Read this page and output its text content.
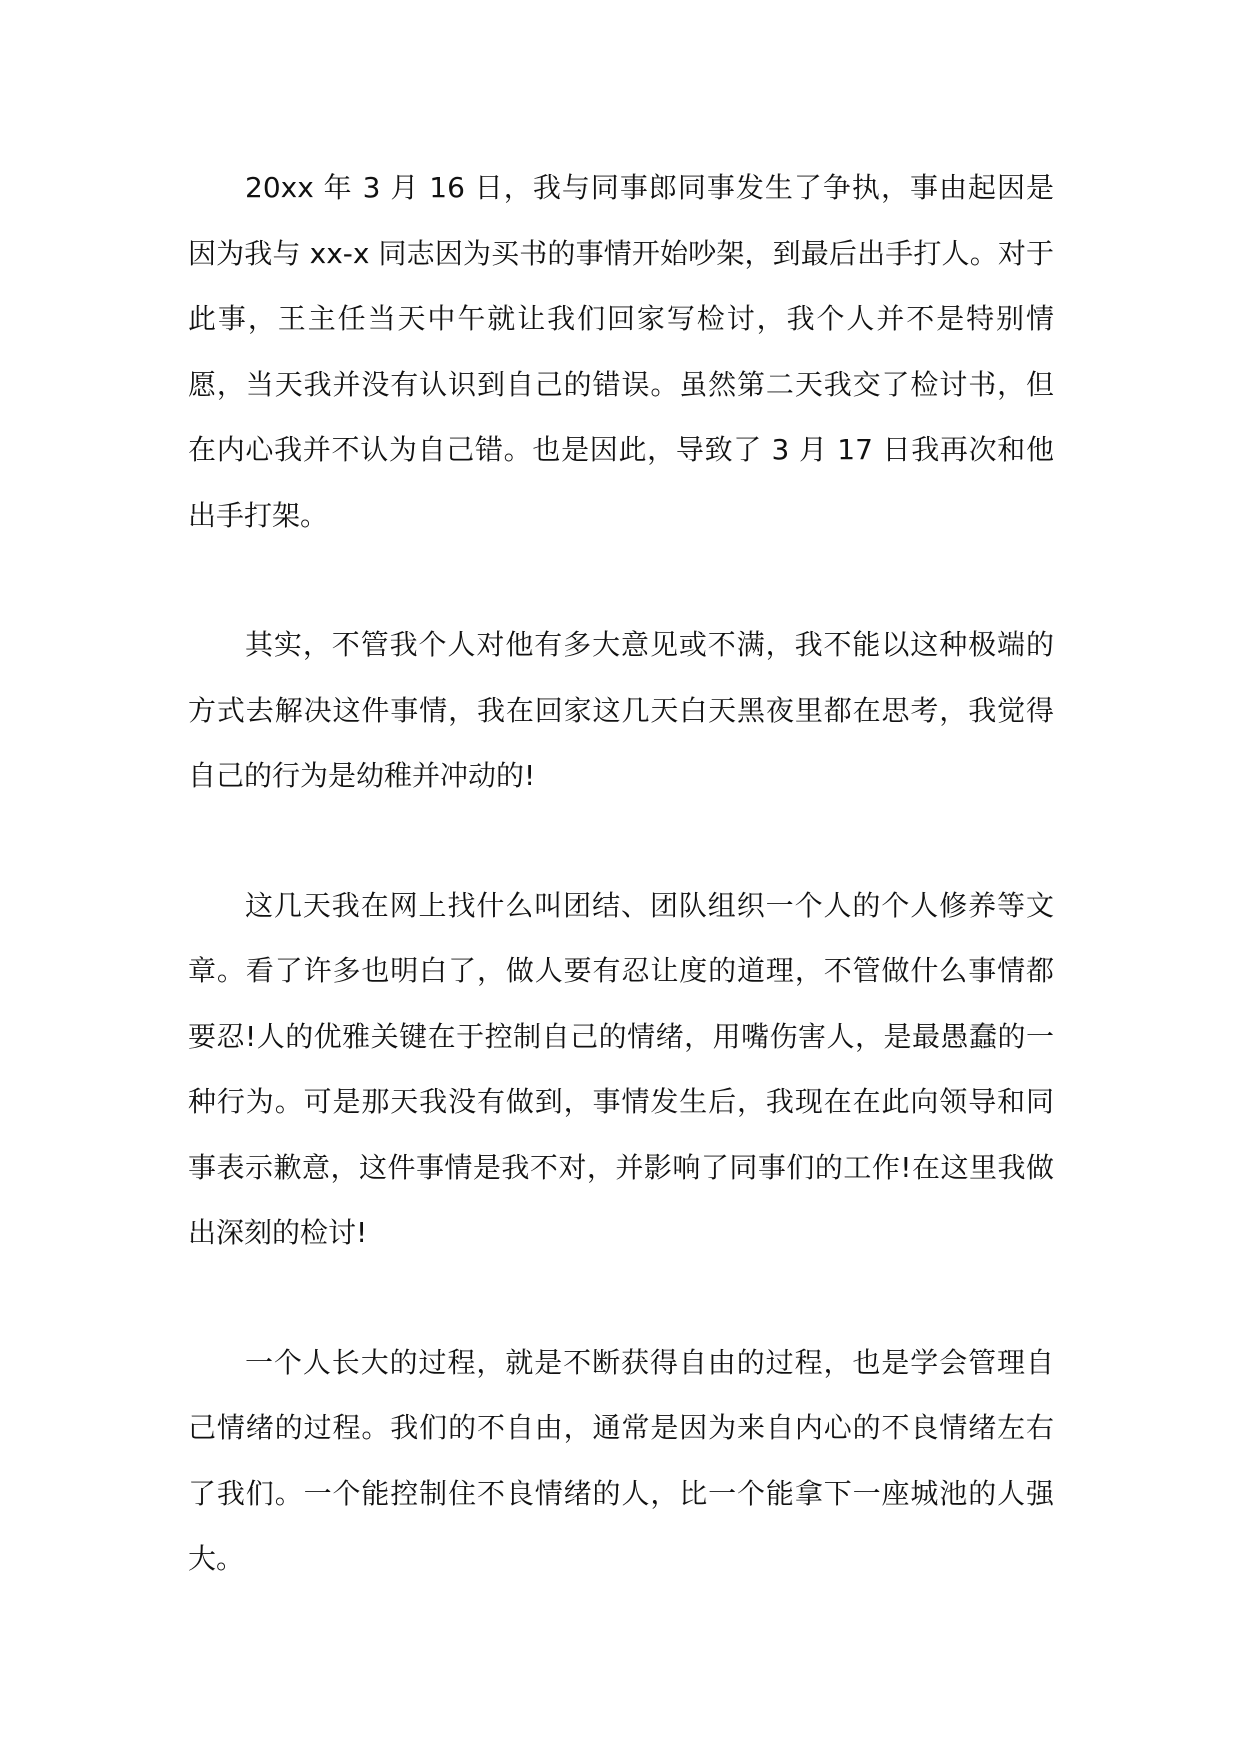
20xx 年 3 月 16 日，我与同事郎同事发生了争执，事由起因是因为我与 xx-x 同志因为买书的事情开始吵架，到最后出手打人。对于此事，王主任当天中午就让我们回家写检讨，我个人并不是特别情愿，当天我并没有认识到自己的错误。虽然第二天我交了检讨书，但在内心我并不认为自己错。也是因此，导致了 3 月 17 日我再次和他出手打架。

其实，不管我个人对他有多大意见或不满，我不能以这种极端的方式去解决这件事情，我在回家这几天白天黑夜里都在思考，我觉得自己的行为是幼稚并冲动的!

这几天我在网上找什么叫团结、团队组织一个人的个人修养等文章。看了许多也明白了，做人要有忍让度的道理，不管做什么事情都要忍!人的优雅关键在于控制自己的情绪，用嘴伤害人，是最愚蠢的一种行为。可是那天我没有做到，事情发生后，我现在在此向领导和同事表示歉意，这件事情是我不对，并影响了同事们的工作!在这里我做出深刻的检讨!

一个人长大的过程，就是不断获得自由的过程，也是学会管理自己情绪的过程。我们的不自由，通常是因为来自内心的不良情绪左右了我们。一个能控制住不良情绪的人，比一个能拿下一座城池的人强大。
